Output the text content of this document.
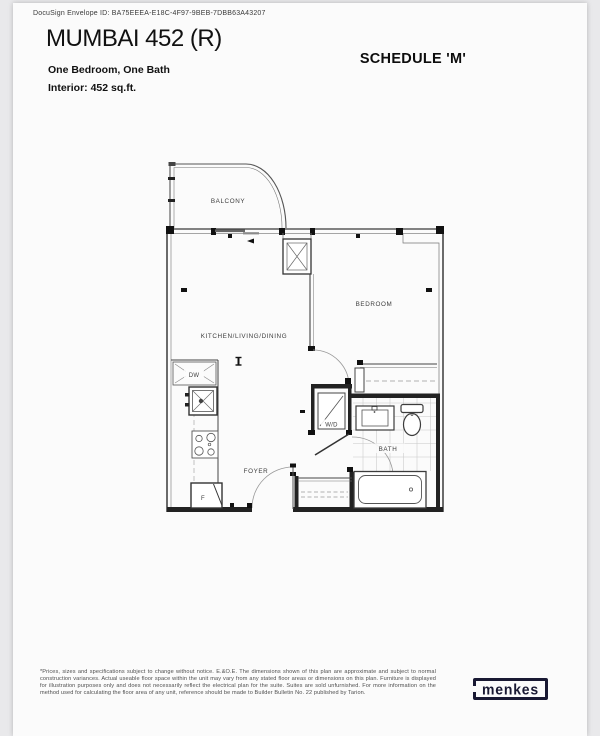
DocuSign Envelope ID: BA75EEEA-E18C-4F97-9BEB-7DBB63A43207
MUMBAI 452 (R)
One Bedroom, One Bath
Interior: 452 sq.ft.
SCHEDULE 'M'
W/D
BATH
DW
F
BALCONY
BEDROOM
KITCHEN/LIVING/DINING
FOYER
*Prices, sizes and specifications subject to change without notice. E.&O.E. The dimensions shown of this plan are approximate and subject to normal construction variances. Actual useable floor space within the unit may vary from any stated floor areas or dimensions on this plan. Furniture is displayed for illustration purposes only and does not necessarily reflect the electrical plan for the suite. Suites are sold unfurnished. For more information on the method used for calculating the floor area of any unit, reference should be made to Builder Bulletin No. 22 published by Tarion.	menkes
